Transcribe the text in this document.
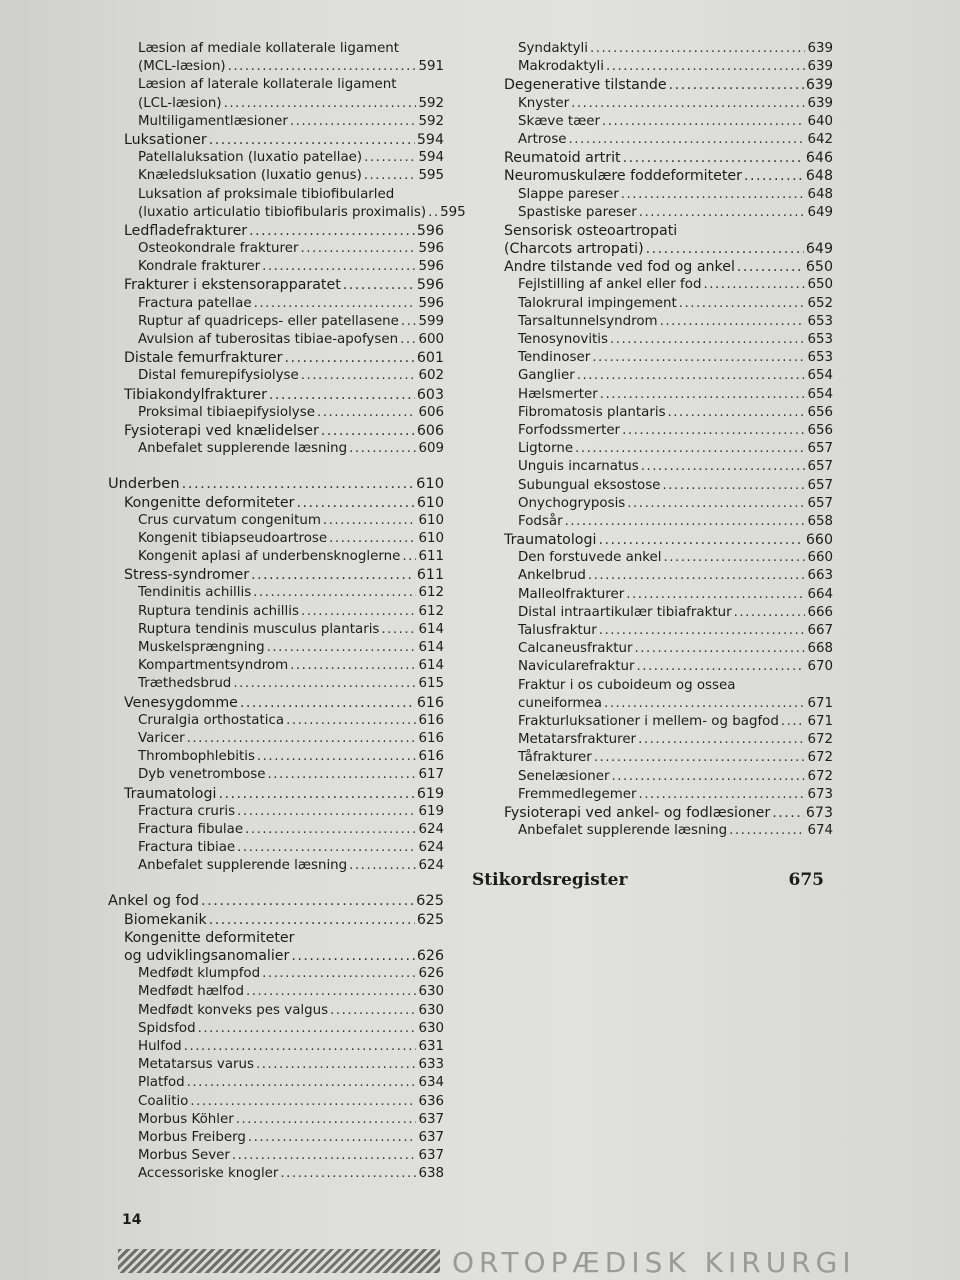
Læsion af mediale kollaterale ligament
(MCL-læsion) .....	591
Læsion af laterale kollaterale ligament
(LCL-læsion) .....	592
Multiligamentlæsioner .....	592
Luksationer .....	594
Patellaluksation (luxatio patellae) .....	594
Knæledsluksation (luxatio genus) .....	595
Luksation af proksimale tibiofibularled
(luxatio articulatio tibiofibularis proximalis) ..... 595
Ledfladefrakturer .....	596
Osteokondrale frakturer .....	596
Kondrale frakturer .....	596
Frakturer i ekstensorapparatet .....	596
Fractura patellae .....	596
Ruptur af quadriceps- eller patellasene ..... 599
Avulsion af tuberositas tibiae-apofysen ..... 600
Distale femurfrakturer .....	601
Distal femurepifysiolyse .....	602
Tibiakondylfrakturer .....	603
Proksimal tibiaepifysiolyse .....	606
Fysioterapi ved knælidelser .....	606
Anbefalet supplerende læsning .....	609
Underben .....	610
Kongenitte deformiteter .....	610
Crus curvatum congenitum .....	610
Kongenit tibiapseudoartrose .....	610
Kongenit aplasi af underbensknoglerne ..... 611
Stress-syndromer .....	611
Tendinitis achillis .....	612
Ruptura tendinis achillis .....	612
Ruptura tendinis musculus plantaris .....	614
Muskelsprængning .....	614
Kompartmentsyndrom .....	614
Træthedsbrud .....	615
Venesygdomme .....	616
Cruralgia orthostatica .....	616
Varicer .....	616
Thrombophlebitis .....	616
Dyb venetrombose .....	617
Traumatologi .....	619
Fractura cruris .....	619
Fractura fibulae .....	624
Fractura tibiae .....	624
Anbefalet supplerende læsning .....	624
Ankel og fod .....	625
Biomekanik .....	625
Kongenitte deformiteter
og udviklingsanomalier .....	626
Medfødt klumpfod .....	626
Medfødt hælfod .....	630
Medfødt konveks pes valgus .....	630
Spidsfod .....	630
Hulfod .....	631
Metatarsus varus .....	633
Platfod .....	634
Coalitio .....	636
Morbus Köhler .....	637
Morbus Freiberg .....	637
Morbus Sever .....	637
Accessoriske knogler .....	638
Syndaktyli .....	639
Makrodaktyli .....	639
Degenerative tilstande .....	639
Knyster .....	639
Skæve tæer .....	640
Artrose .....	642
Reumatoid artrit .....	646
Neuromuskulære foddeformiteter .....	648
Slappe pareser .....	648
Spastiske pareser .....	649
Sensorisk osteoartropati
(Charcots artropati) .....	649
Andre tilstande ved fod og ankel .....	650
Fejlstilling af ankel eller fod .....	650
Talokrural impingement .....	652
Tarsaltunnelsyndrom .....	653
Tenosynovitis .....	653
Tendinoser .....	653
Ganglier .....	654
Hælsmerter .....	654
Fibromatosis plantaris .....	656
Forfodssmerter .....	656
Ligtorne .....	657
Unguis incarnatus .....	657
Subungual eksostose .....	657
Onychogryposis .....	657
Fodsår .....	658
Traumatologi .....	660
Den forstuvede ankel .....	660
Ankelbrud .....	663
Malleolfrakturer .....	664
Distal intraartikulær tibiafraktur .....	666
Talusfraktur .....	667
Calcaneusfraktur .....	668
Navicularefraktur .....	670
Fraktur i os cuboideum og ossea
cuneiformea .....	671
Frakturluksationer i mellem- og bagfod ..... 671
Metatarsfrakturer .....	672
Tåfrakturer .....	672
Senelæsioner .....	672
Fremmedlegemer .....	673
Fysioterapi ved ankel- og fodlæsioner .....	673
Anbefalet supplerende læsning .....	674
Stikordsregister	675
14
ORTOPÆDISK KIRURGI
